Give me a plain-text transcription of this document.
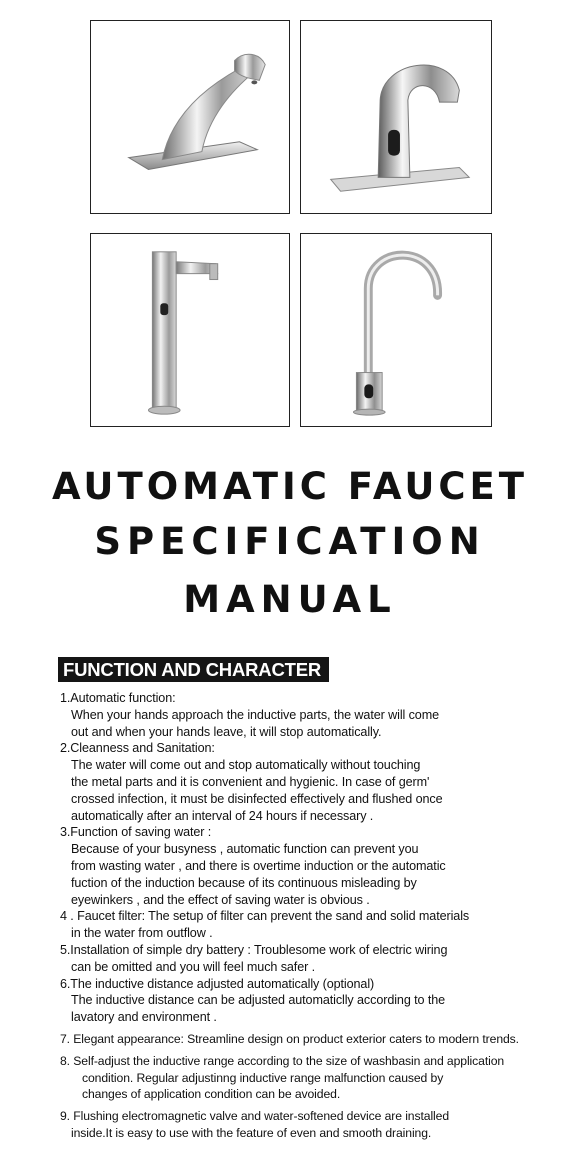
AUTOMATIC FAUCET
SPECIFICATION
MANUAL
FUNCTION AND CHARACTER
1.Automatic function:
When your hands approach the inductive parts, the water will come
out and when your hands leave, it will stop automatically.
2.Cleanness and Sanitation:
The water will come out and stop automatically without touching
the metal parts and it is convenient and hygienic. In case of germ'
crossed infection, it must be disinfected effectively and flushed once
automatically after an interval of 24 hours if necessary .
3.Function of saving water :
Because of your busyness , automatic function can prevent you
from wasting water , and there is overtime induction or the automatic
fuction of the induction because of its continuous misleading by
eyewinkers , and the effect of saving water is obvious .
4 . Faucet filter: The setup of filter can prevent the sand and solid materials
in the water from outflow .
5.Installation of simple dry battery : Troublesome work of electric wiring
can be omitted and you will feel much safer .
6.The inductive distance adjusted automatically (optional)
The inductive distance can be adjusted automaticlly according to the
lavatory and environment .
7. Elegant appearance: Streamline design on product exterior caters to modern trends.
8. Self-adjust the inductive range according to the size of washbasin and application
condition. Regular adjustinng inductive range malfunction caused by
changes of application condition can be avoided.
9. Flushing electromagnetic valve and water-softened device are installed
inside.It is easy to use with the feature of even and smooth draining.
